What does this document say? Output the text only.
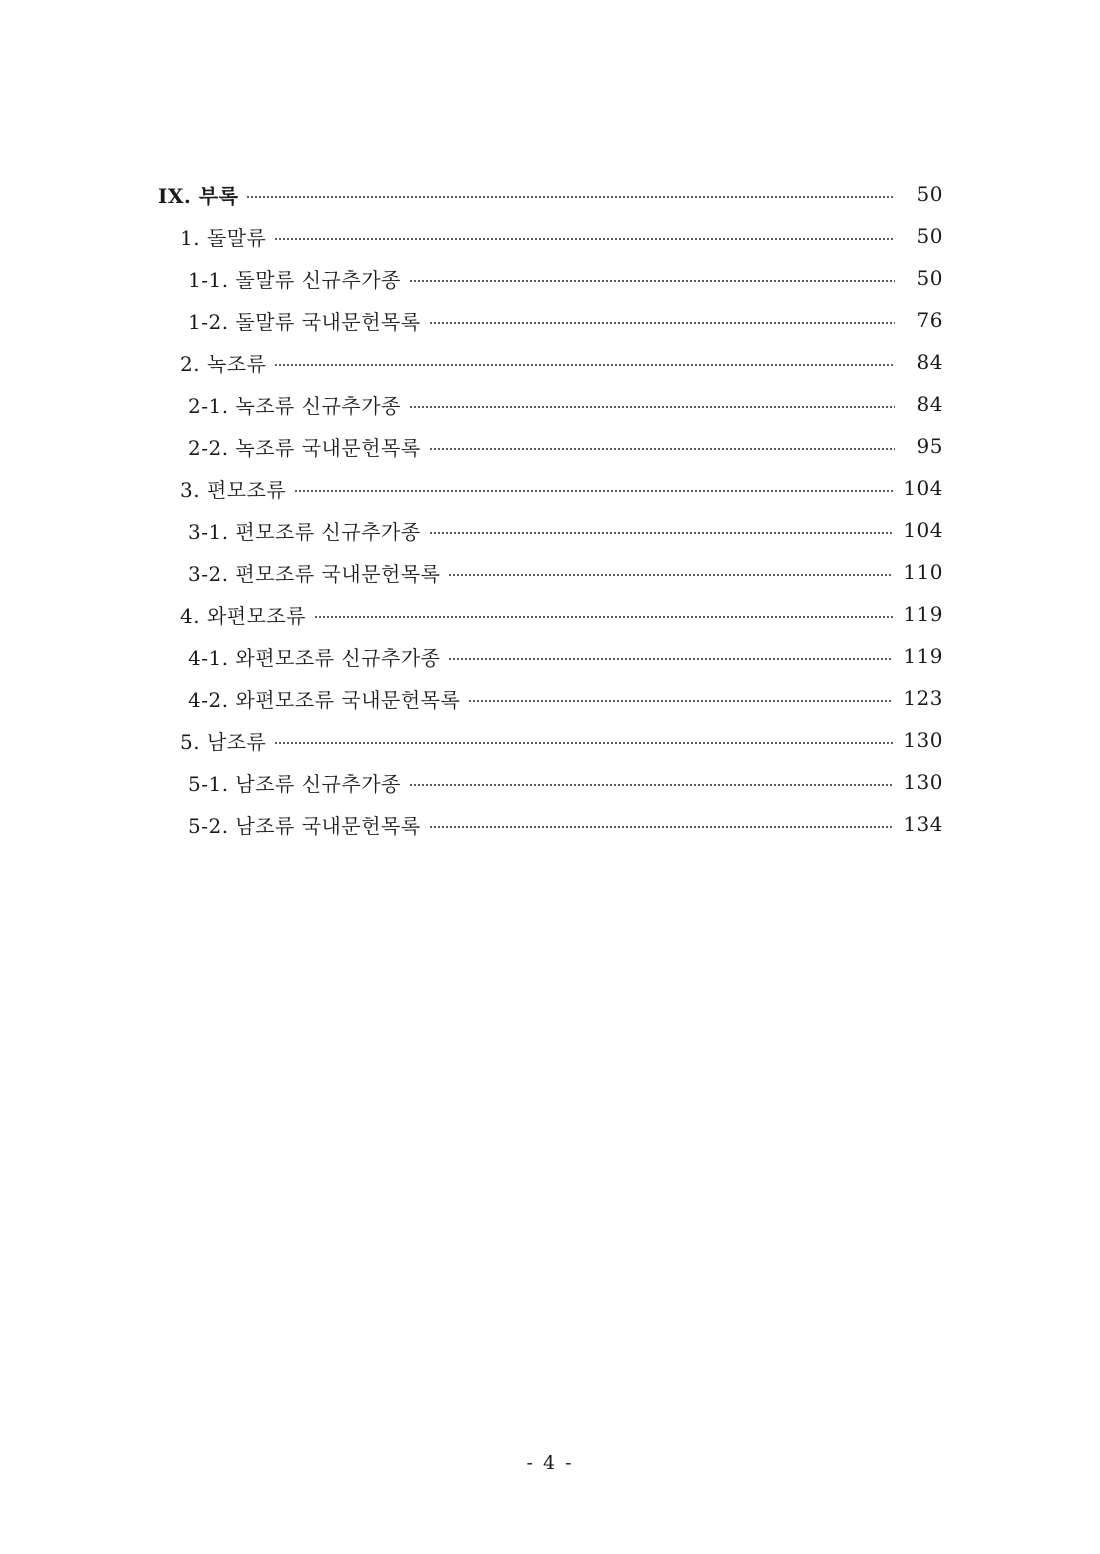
IX. 부록	50
1. 돌말류	50
1-1. 돌말류 신규추가종	50
1-2. 돌말류 국내문헌목록	76
2. 녹조류	84
2-1. 녹조류 신규추가종	84
2-2. 녹조류 국내문헌목록	95
3. 편모조류	104
3-1. 편모조류 신규추가종	104
3-2. 편모조류 국내문헌목록	110
4. 와편모조류	119
4-1. 와편모조류 신규추가종	119
4-2. 와편모조류 국내문헌목록	123
5. 남조류	130
5-1. 남조류 신규추가종	130
5-2. 남조류 국내문헌목록	134
- 4 -
